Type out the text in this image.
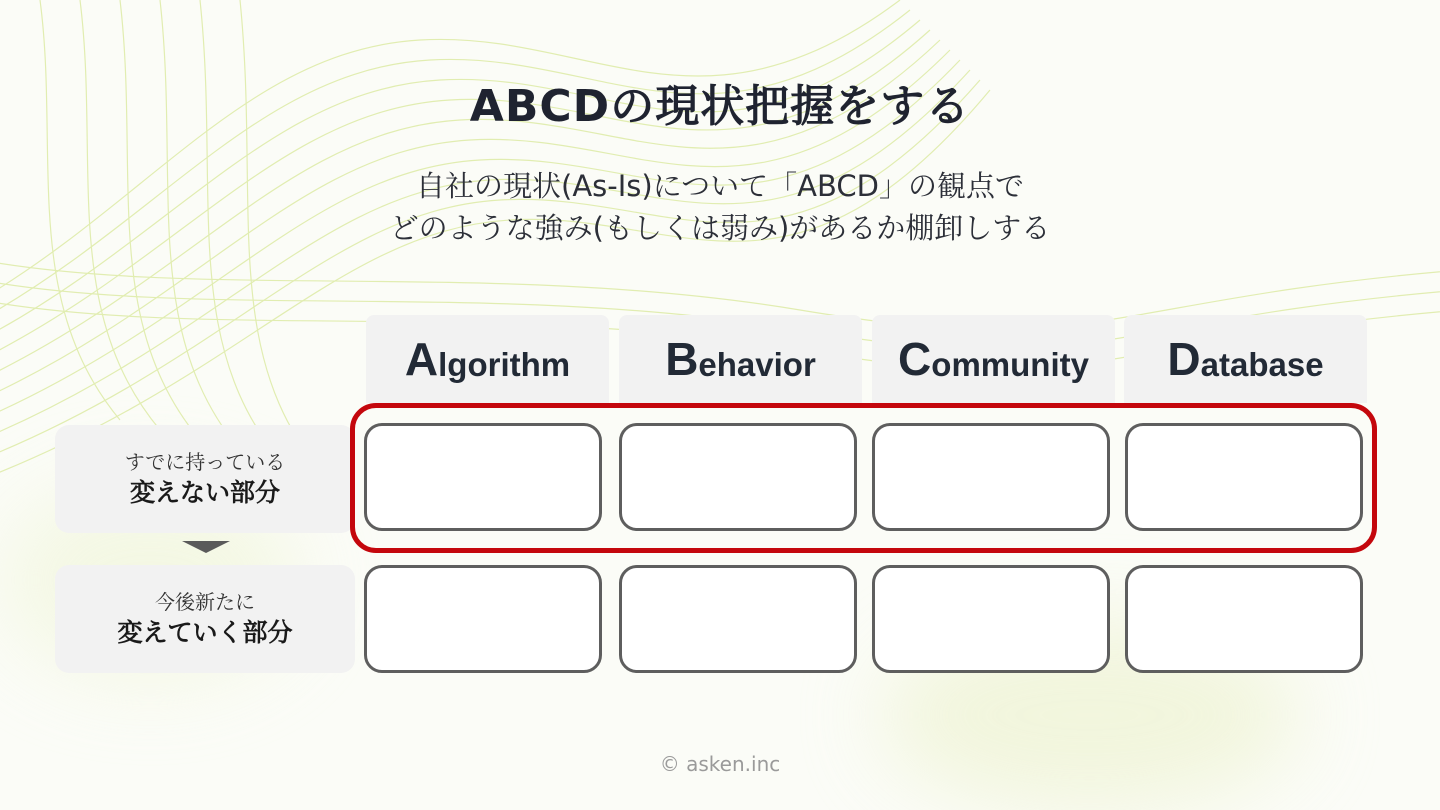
ABCDの現状把握をする
自社の現状(As-Is)について「ABCD」の観点で
どのような強み(もしくは弱み)があるか棚卸しする
A lgorithm B ehavior C ommunity D atabase
すでに持っている
変えない部分
今後新たに
変えていく部分
© asken.inc
